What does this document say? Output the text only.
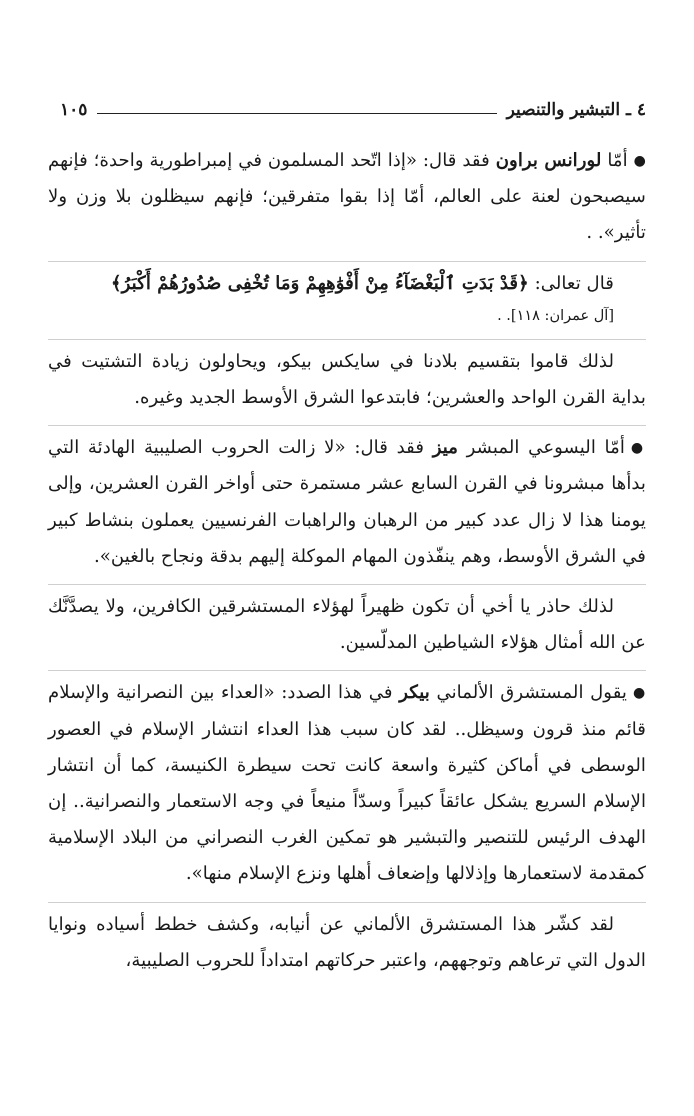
٤ ـ التبشير والتنصير
١٠٥

●أمّا لورانس براون فقد قال: «إذا اتّحد المسلمون في إمبراطورية واحدة؛ فإنهم سيصبحون لعنة على العالم، أمّا إذا بقوا متفرقين؛ فإنهم سيظلون بلا وزن ولا تأثير». .

قال تعالى: ﴿قَدْ بَدَتِ ٱلْبَغْضَآءُ مِنْ أَفْوَٰهِهِمْ وَمَا تُخْفِى صُدُورُهُمْ أَكْبَرُ﴾
[آل عمران: ١١٨]. .

لذلك قاموا بتقسيم بلادنا في سايكس بيكو، ويحاولون زيادة التشتيت في بداية القرن الواحد والعشرين؛ فابتدعوا الشرق الأوسط الجديد وغيره.

●أمّا اليسوعي المبشر ميز فقد قال: «لا زالت الحروب الصليبية الهادئة التي بدأها مبشرونا في القرن السابع عشر مستمرة حتى أواخر القرن العشرين، وإلى يومنا هذا لا زال عدد كبير من الرهبان والراهبات الفرنسيين يعملون بنشاط كبير في الشرق الأوسط، وهم ينفّذون المهام الموكلة إليهم بدقة ونجاح بالغين».

لذلك حاذر يا أخي أن تكون ظهيراً لهؤلاء المستشرقين الكافرين، ولا يصدَّنَّك عن الله أمثال هؤلاء الشياطين المدلّسين.

●يقول المستشرق الألماني بيكر في هذا الصدد: «العداء بين النصرانية والإسلام قائم منذ قرون وسيظل.. لقد كان سبب هذا العداء انتشار الإسلام في العصور الوسطى في أماكن كثيرة واسعة كانت تحت سيطرة الكنيسة، كما أن انتشار الإسلام السريع يشكل عائقاً كبيراً وسدّاً منيعاً في وجه الاستعمار والنصرانية.. إن الهدف الرئيس للتنصير والتبشير هو تمكين الغرب النصراني من البلاد الإسلامية كمقدمة لاستعمارها وإذلالها وإضعاف أهلها ونزع الإسلام منها».

لقد كشّر هذا المستشرق الألماني عن أنيابه، وكشف خطط أسياده ونوايا الدول التي ترعاهم وتوجههم، واعتبر حركاتهم امتداداً للحروب الصليبية،
